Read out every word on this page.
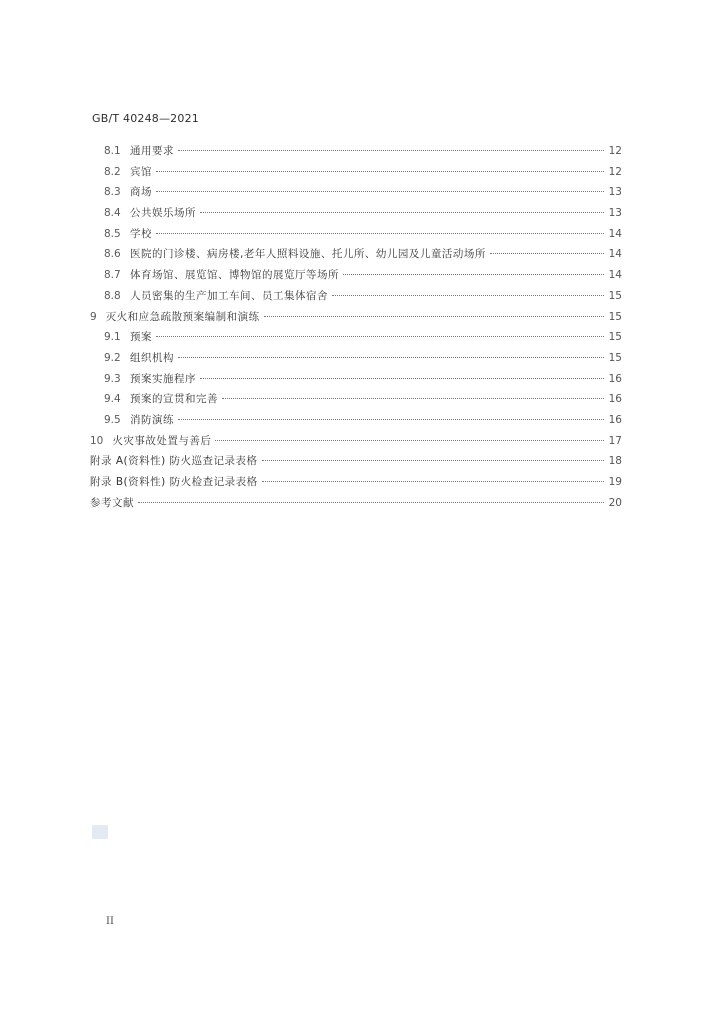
GB/T 40248—2021
8.1 通用要求	12
8.2 宾馆	12
8.3 商场	13
8.4 公共娱乐场所	13
8.5 学校	14
8.6 医院的门诊楼、病房楼,老年人照料设施、托儿所、幼儿园及儿童活动场所	14
8.7 体育场馆、展览馆、博物馆的展览厅等场所	14
8.8 人员密集的生产加工车间、员工集体宿舍	15
9 灭火和应急疏散预案编制和演练	15
9.1 预案	15
9.2 组织机构	15
9.3 预案实施程序	16
9.4 预案的宣贯和完善	16
9.5 消防演练	16
10 火灾事故处置与善后	17
附录 A(资料性) 防火巡查记录表格	18
附录 B(资料性) 防火检查记录表格	19
参考文献	20
II
